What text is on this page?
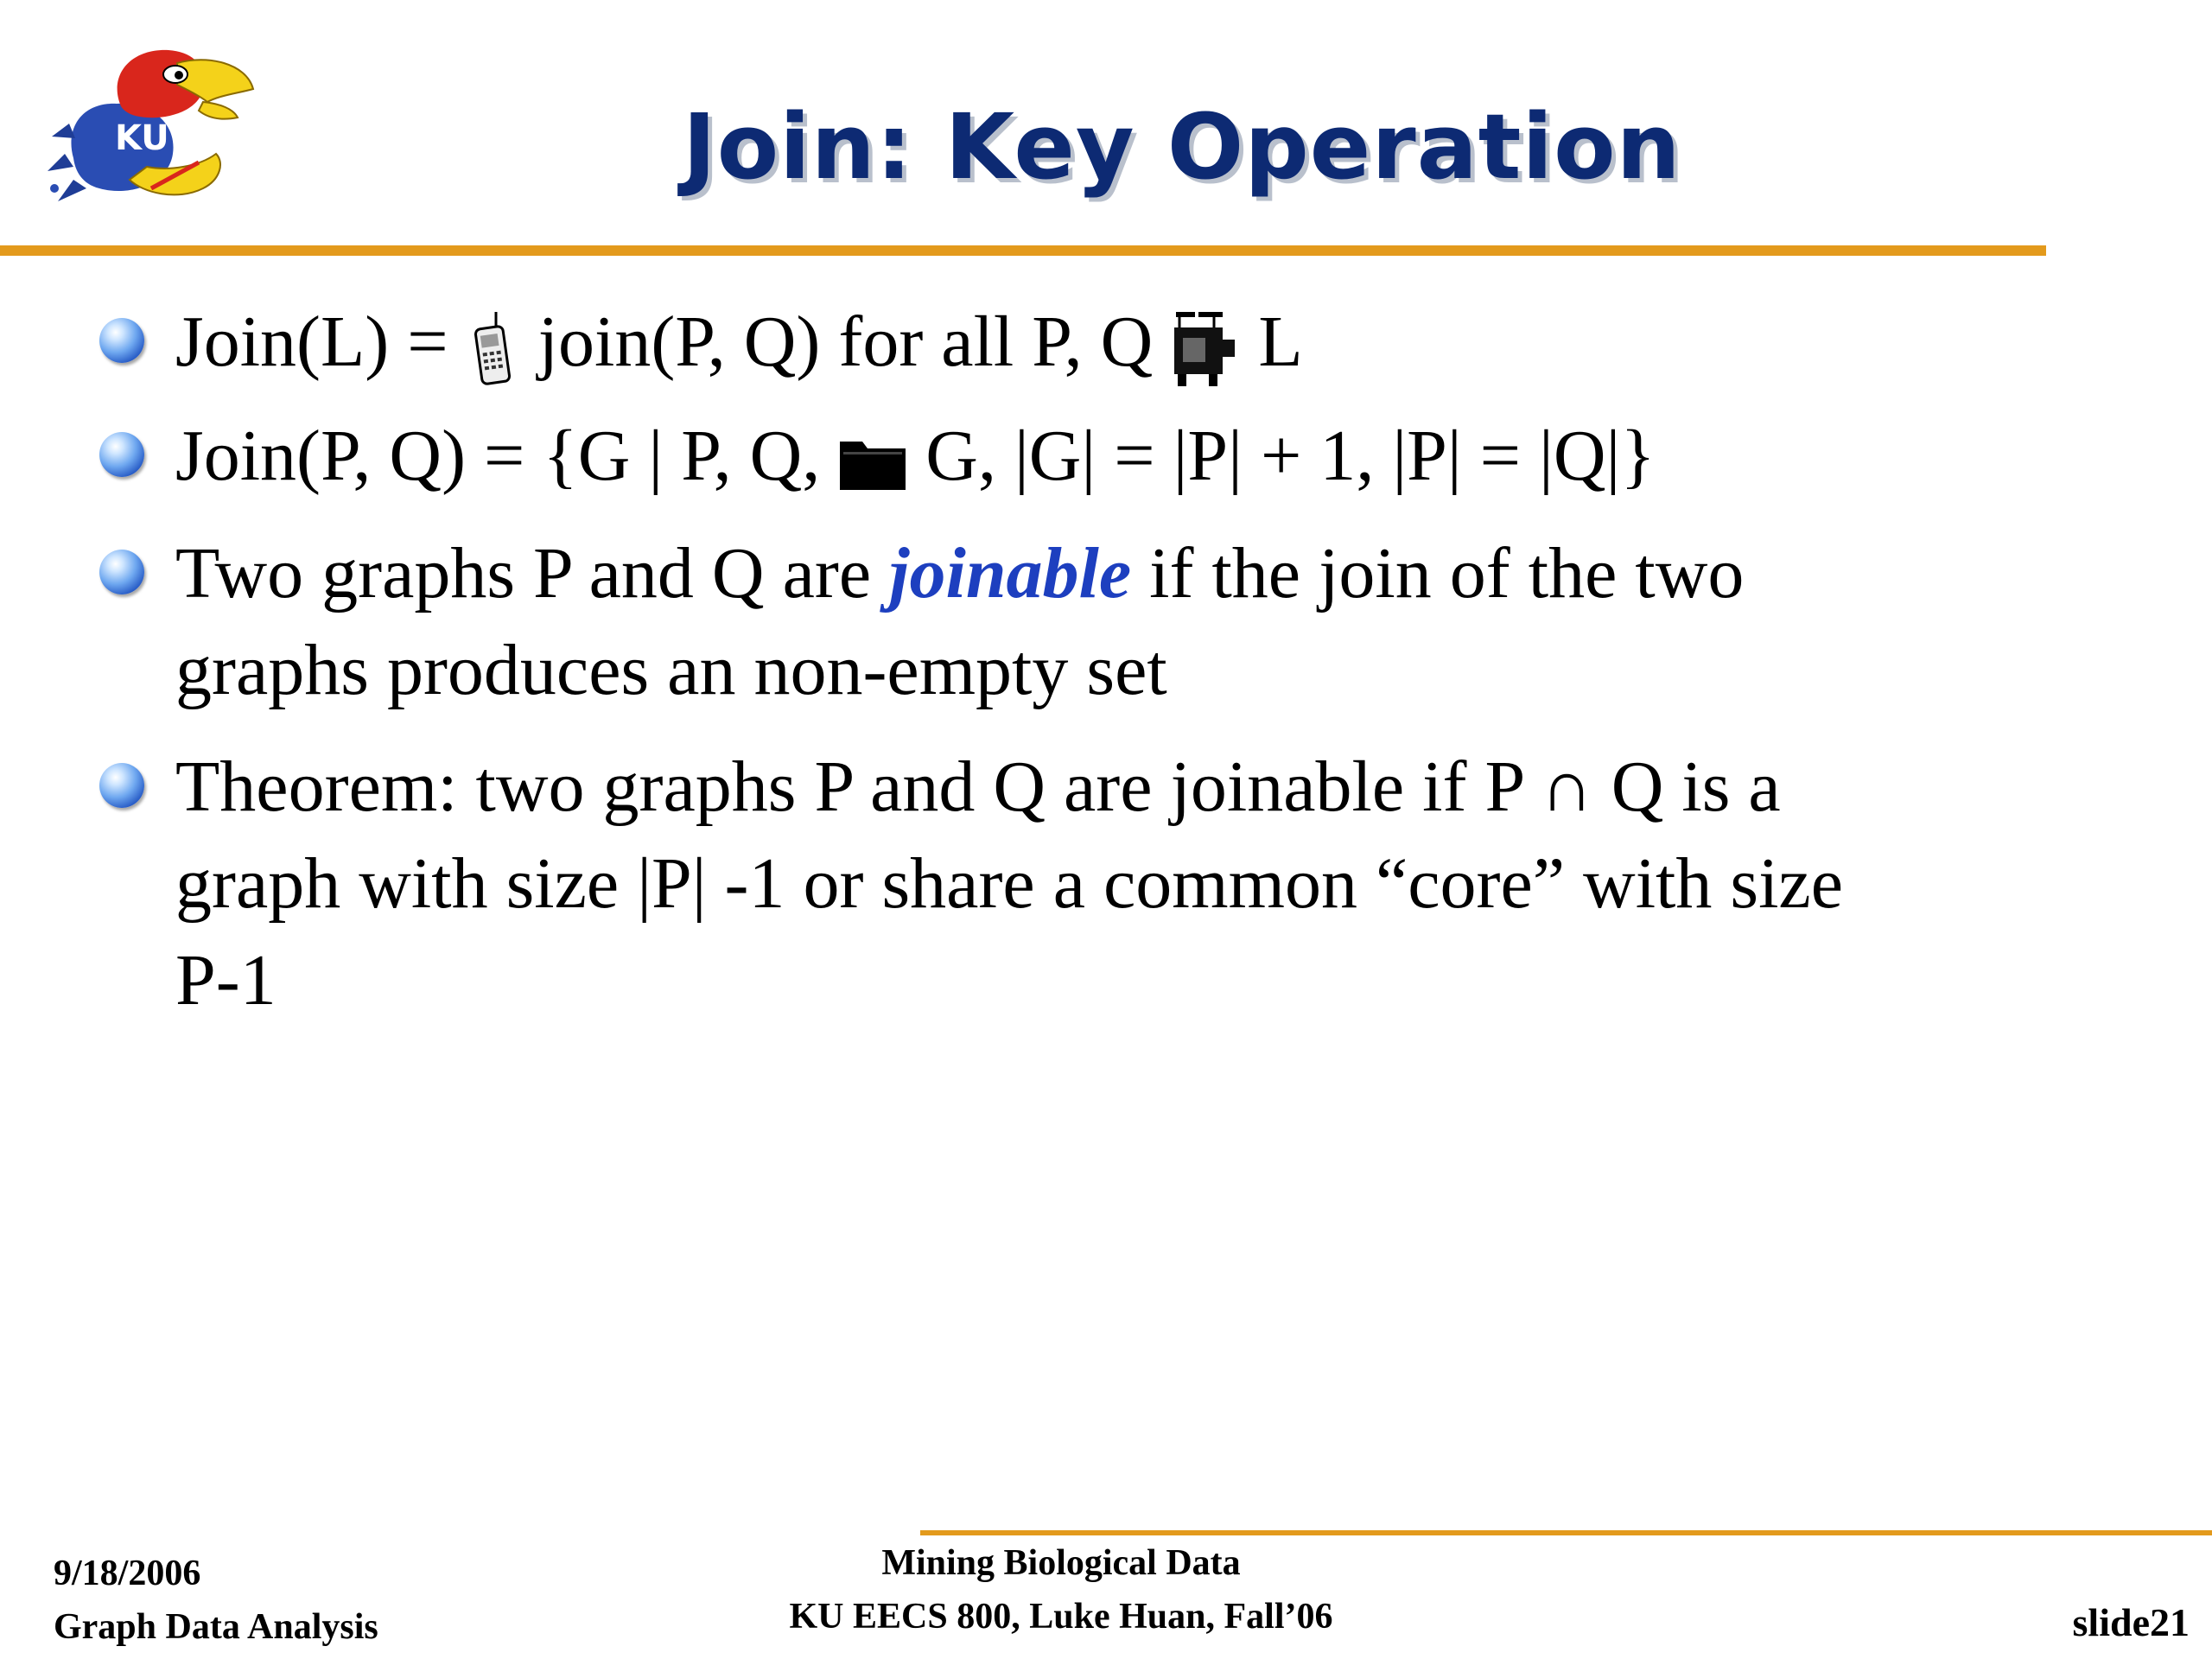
KU	Join: Key Operation

Join(L) =  join(P, Q) for all P, Q  L

Join(P, Q) = {G | P, Q,  G, |G| = |P| + 1, |P| = |Q|}

Two graphs P and Q are joinable if the join of the two

graphs produces an non-empty set

Theorem: two graphs P and Q are joinable if P ∩ Q is a

graph with size |P| -1 or share a common “core” with size

P-1

9/18/2006

Graph Data Analysis

Mining Biological Data

KU EECS 800, Luke Huan, Fall’06	slide21
